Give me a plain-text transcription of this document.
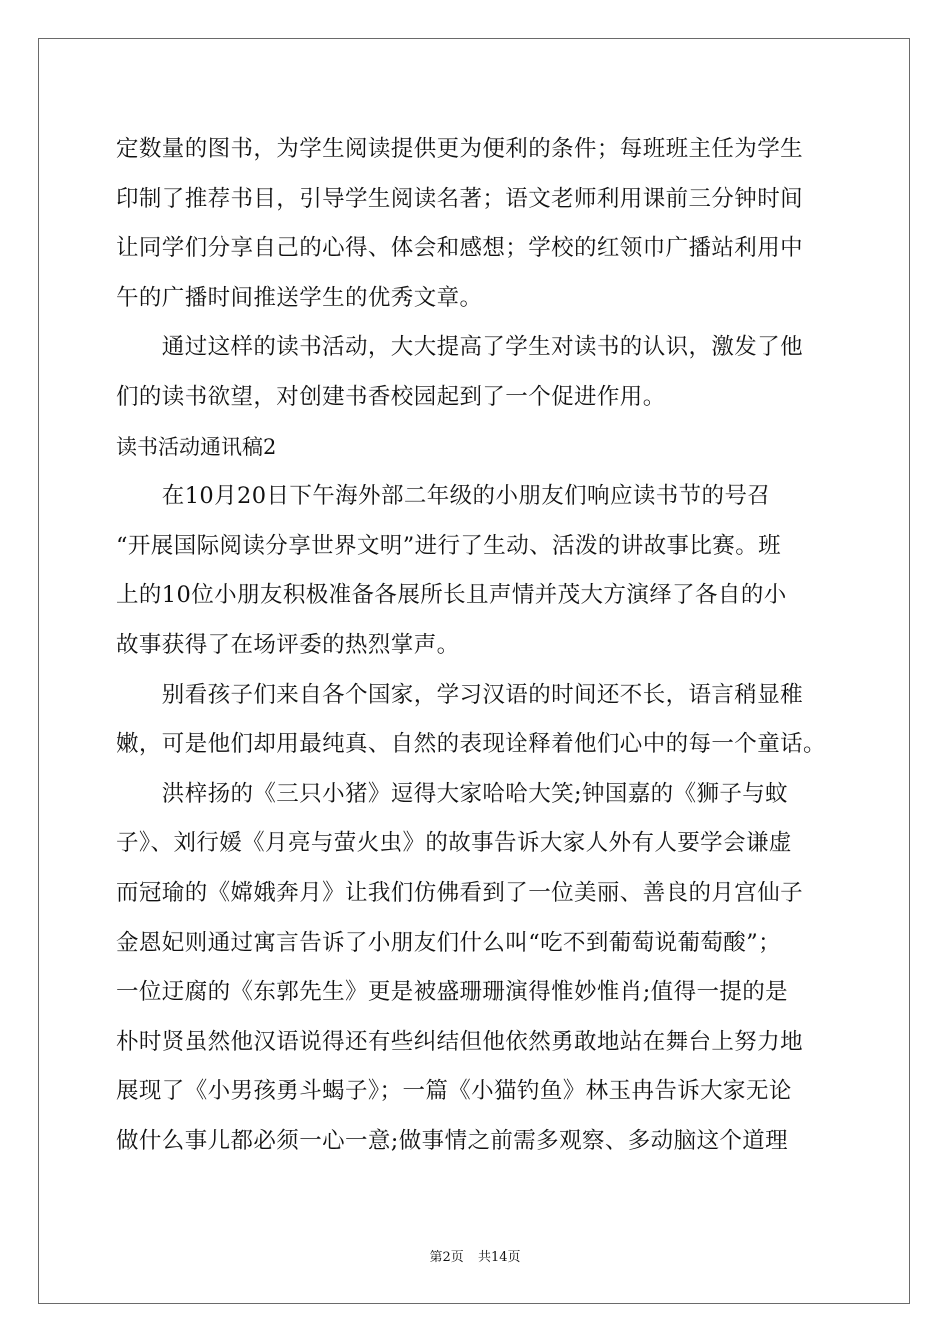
定数量的图书，为学生阅读提供更为便利的条件；每班班主任为学生
印制了推荐书目，引导学生阅读名著；语文老师利用课前三分钟时间
让同学们分享自己的心得、体会和感想；学校的红领巾广播站利用中
午的广播时间推送学生的优秀文章。
　　通过这样的读书活动，大大提高了学生对读书的认识，激发了他
们的读书欲望，对创建书香校园起到了一个促进作用。
读书活动通讯稿2
　　在10月20日下午海外部二年级的小朋友们响应读书节的号召
“开展国际阅读分享世界文明”进行了生动、活泼的讲故事比赛。班
上的10位小朋友积极准备各展所长且声情并茂大方演绎了各自的小
故事获得了在场评委的热烈掌声。
　　别看孩子们来自各个国家，学习汉语的时间还不长，语言稍显稚
嫩，可是他们却用最纯真、自然的表现诠释着他们心中的每一个童话。
　　洪梓扬的《三只小猪》逗得大家哈哈大笑;钟国嘉的《狮子与蚊
子》、刘行媛《月亮与萤火虫》的故事告诉大家人外有人要学会谦虚
而冠瑜的《嫦娥奔月》让我们仿佛看到了一位美丽、善良的月宫仙子
金恩妃则通过寓言告诉了小朋友们什么叫“吃不到葡萄说葡萄酸”；
一位迂腐的《东郭先生》更是被盛珊珊演得惟妙惟肖;值得一提的是
朴时贤虽然他汉语说得还有些纠结但他依然勇敢地站在舞台上努力地
展现了《小男孩勇斗蝎子》；一篇《小猫钓鱼》林玉冉告诉大家无论
做什么事儿都必须一心一意;做事情之前需多观察、多动脑这个道理
第2页 共14页
